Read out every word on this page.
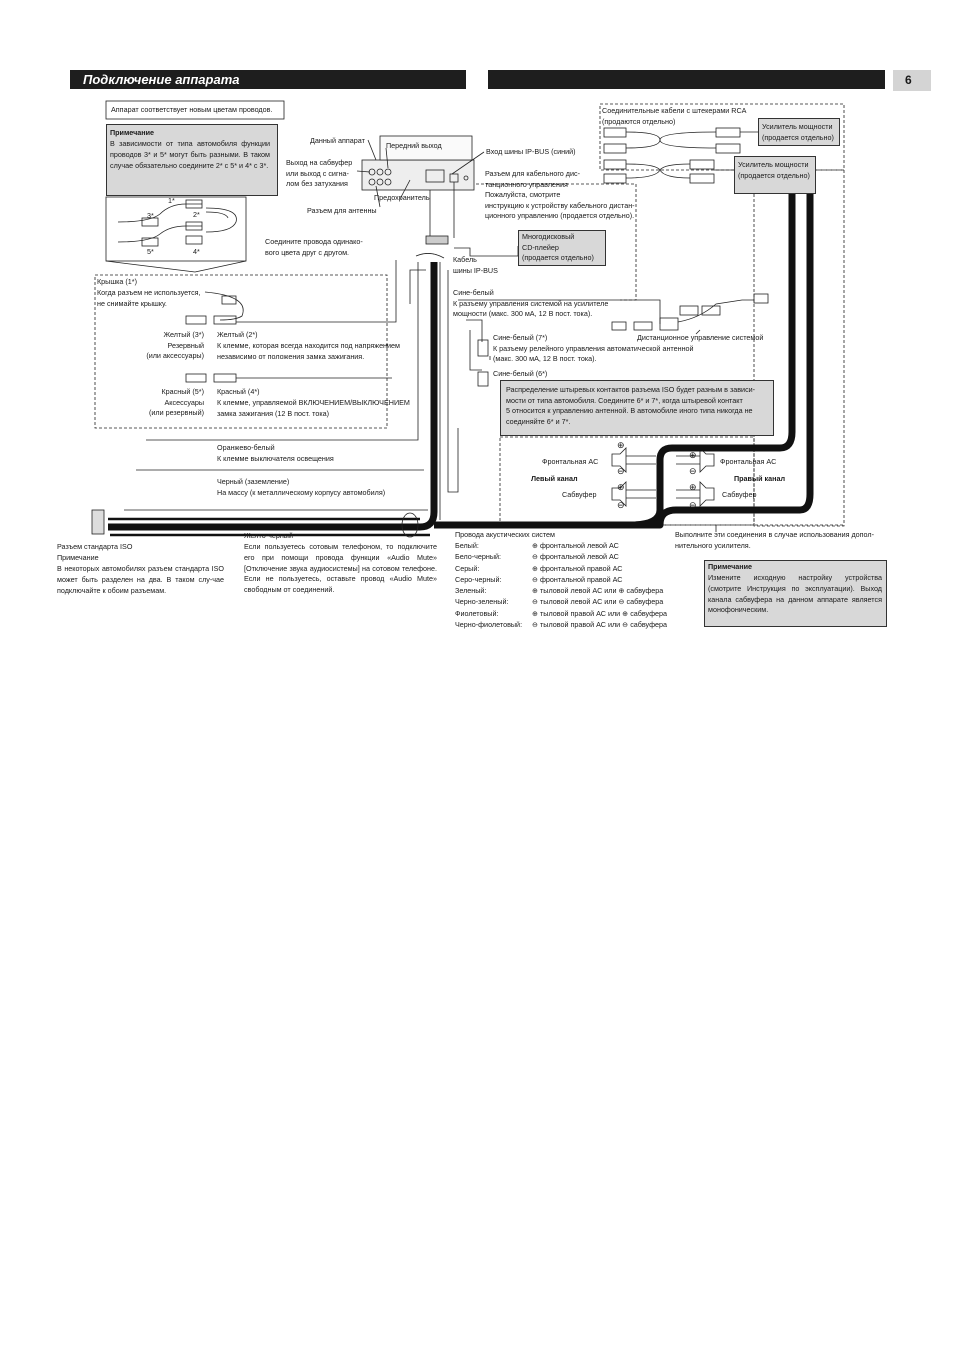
Подключение аппарата	6
Аппарат соответствует новым цветам проводов.
Примечание
В зависимости от типа автомобиля функции проводов 3* и 5* могут быть разными. В таком случае обязательно соедините 2* с 5* и 4* с 3*.
1*
2*
3*
4*
5*
Данный аппарат
Передний выход
Выход на сабвуфер
или выход с сигна-
лом без затухания
Предохранитель
Разъем для антенны
Вход шины IP-BUS (синий)
Разъем для кабельного дис-
танционного управления
Пожалуйста, смотрите
инструкцию к устройству кабельного дистан-
ционного управлению (продается отдельно).
Соедините провода одинако-
вого цвета друг с другом.
Многодисковый
CD-плейер
(продается отдельно)
Кабель
шины IP-BUS
Соединительные кабели с штекерами RCA
(продаются отдельно)
Усилитель мощности
(продается отдельно)
Усилитель мощности
(продается отдельно)
Крышка (1*)
Когда разъем не используется,
не снимайте крышку.
Желтый (3*)
Резервный
(или аксессуары)
Желтый (2*)
К клемме, которая всегда находится под напряжением
независимо от положения замка зажигания.
Красный (5*)
Аксессуары
(или резервный)
Красный (4*)
К клемме, управляемой ВКЛЮЧЕНИЕМ/ВЫКЛЮЧЕНИЕМ
замка зажигания (12 В пост. тока)
Оранжево-белый
К клемме выключателя освещения
Черный (заземление)
На массу (к металлическому корпусу автомобиля)
Сине-белый
К разъему управления системой на усилителе
мощности (макс. 300 мА, 12 В пост. тока).
Дистанционное управление системой
Сине-белый (7*)
К разъему релейного управления автоматической антенной
(макс. 300 мА, 12 В пост. тока).
Сине-белый (6*)
Распределение штыревых контактов разъема ISO будет разным в зависи-
мости от типа автомобиля. Соедините 6* и 7*, когда штыревой контакт
5 относится к управлению антенной. В автомобиле иного типа никогда не
соединяйте 6* и 7*.
Фронтальная АС
Левый канал
Сабвуфер
Фронтальная АС
Правый канал
Сабвуфер
⊕
⊖
⊕
⊖
⊕
⊖
⊕
⊖
Разъем стандарта ISO
Примечание
В некоторых автомобилях разъем стандарта ISO может быть разделен на два. В таком слу-чае подключайте к обоим разъемам.
Желто-черный
Если пользуетесь сотовым телефоном, то подключите его при помощи провода функции «Audio Mute» [Отключение звука аудиосистемы] на сотовом телефоне. Если не пользуетесь, оставьте провод «Audio Mute» свободным от соединений.
Провода акустических систем
Белый:	⊕ фронтальной левой АС
Бело-черный:	⊖ фронтальной левой АС
Серый:	⊕ фронтальной правой АС
Серо-черный:	⊖ фронтальной правой АС
Зеленый:	⊕ тыловой левой АС или ⊕ сабвуфера
Черно-зеленый:	⊖ тыловой левой АС или ⊖ сабвуфера
Фиолетовый:	⊕ тыловой правой АС или ⊕ сабвуфера
Черно-фиолетовый: ⊖ тыловой правой АС или ⊖ сабвуфера
Выполните эти соединения в случае использования допол-
нительного усилителя.
Примечание
Измените исходную настройку устройства (смотрите Инструкция по эксплуатации). Выход канала сабвуфера на данном аппарате является монофоническим.
